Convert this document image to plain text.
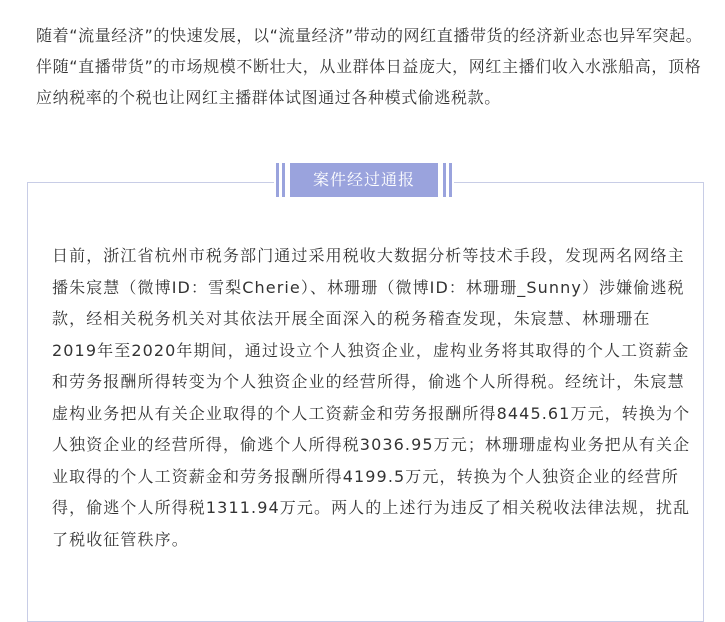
随着“流量经济”的快速发展，以“流量经济”带动的网红直播带货的经济新业态也异军突起。伴随“直播带货”的市场规模不断壮大，从业群体日益庞大，网红主播们收入水涨船高，顶格应纳税率的个税也让网红主播群体试图通过各种模式偷逃税款。
案件经过通报
日前，浙江省杭州市税务部门通过采用税收大数据分析等技术手段，发现两名网络主播朱宸慧（微博ID：雪梨Cherie）、林珊珊（微博ID：林珊珊_Sunny）涉嫌偷逃税款，经相关税务机关对其依法开展全面深入的税务稽查发现，朱宸慧、林珊珊在2019年至2020年期间，通过设立个人独资企业，虚构业务将其取得的个人工资薪金和劳务报酬所得转变为个人独资企业的经营所得，偷逃个人所得税。经统计，朱宸慧虚构业务把从有关企业取得的个人工资薪金和劳务报酬所得8445.61万元，转换为个人独资企业的经营所得，偷逃个人所得税3036.95万元；林珊珊虚构业务把从有关企业取得的个人工资薪金和劳务报酬所得4199.5万元，转换为个人独资企业的经营所得，偷逃个人所得税1311.94万元。两人的上述行为违反了相关税收法律法规，扰乱了税收征管秩序。
